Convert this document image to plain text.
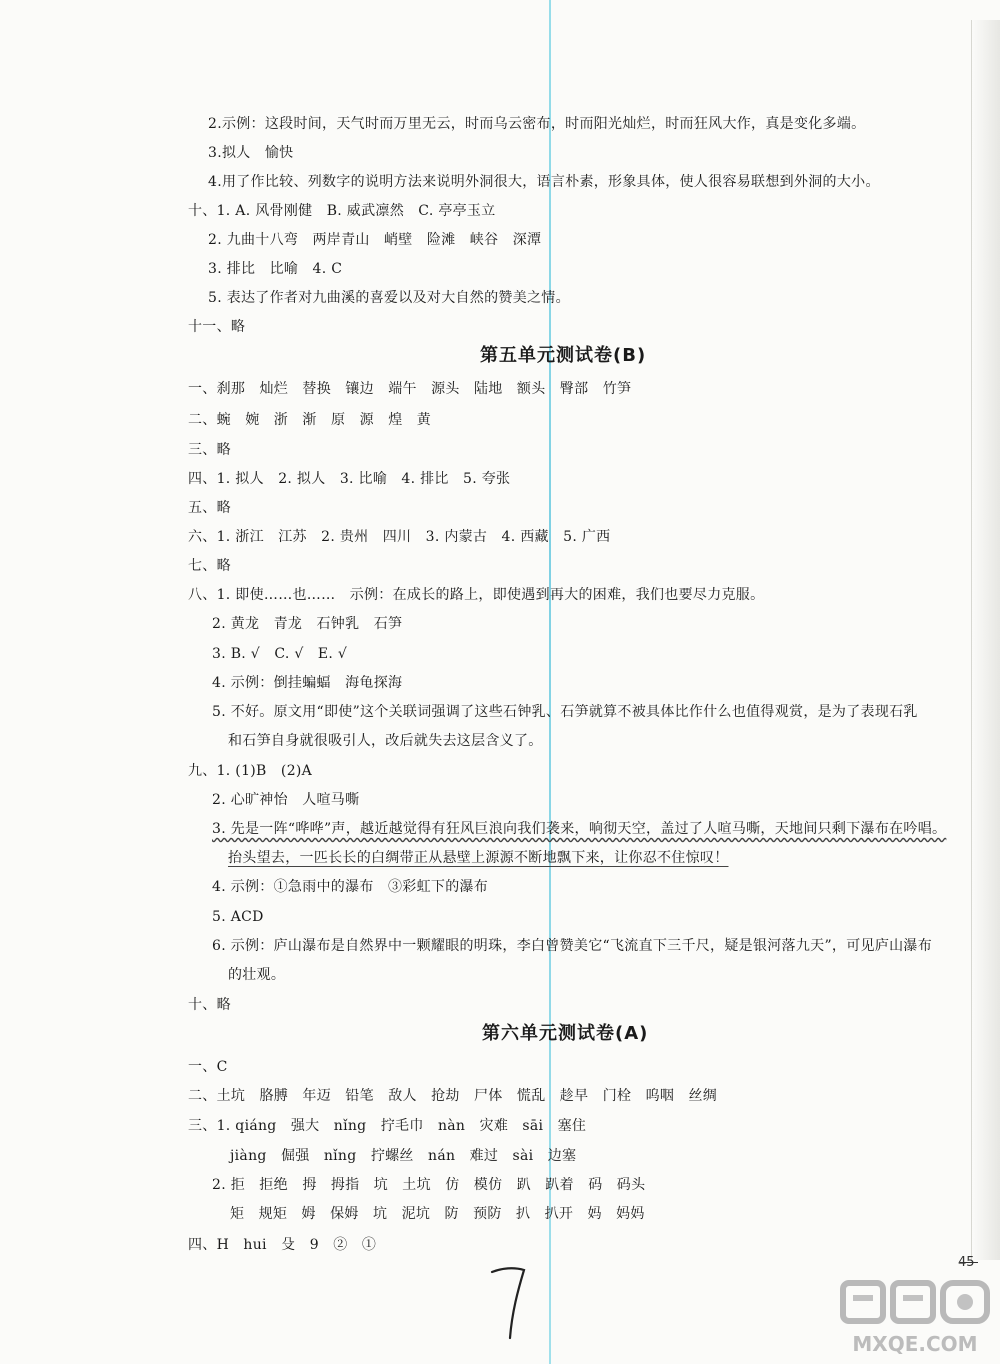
2.示例：这段时间，天气时而万里无云，时而乌云密布，时而阳光灿烂，时而狂风大作，真是变化多端。
3.拟人　愉快
4.用了作比较、列数字的说明方法来说明外洞很大，语言朴素，形象具体，使人很容易联想到外洞的大小。
十、1. A. 风骨刚健　B. 威武凛然　C. 亭亭玉立
2. 九曲十八弯　两岸青山　峭壁　险滩　峡谷　深潭
3. 排比　比喻　4. C
5. 表达了作者对九曲溪的喜爱以及对大自然的赞美之情。
十一、略
第五单元测试卷(B)
一、刹那　灿烂　替换　镶边　端午　源头　陆地　额头　臀部　竹笋
二、蜿　婉　浙　渐　原　源　煌　黄
三、略
四、1. 拟人　2. 拟人　3. 比喻　4. 排比　5. 夸张
五、略
六、1. 浙江　江苏　2. 贵州　四川　3. 内蒙古　4. 西藏　5. 广西
七、略
八、1. 即使……也……　示例：在成长的路上，即使遇到再大的困难，我们也要尽力克服。
2. 黄龙　青龙　石钟乳　石笋
3. B. √　C. √　E. √
4. 示例：倒挂蝙蝠　海龟探海
5. 不好。原文用“即使”这个关联词强调了这些石钟乳、石笋就算不被具体比作什么也值得观赏，是为了表现石乳
和石笋自身就很吸引人，改后就失去这层含义了。
九、1. (1)B　(2)A
2. 心旷神怡　人喧马嘶
3. 先是一阵“哗哗”声，越近越觉得有狂风巨浪向我们袭来，响彻天空，盖过了人喧马嘶，天地间只剩下瀑布在吟唱。
抬头望去，一匹长长的白绸带正从悬壁上源源不断地飘下来，让你忍不住惊叹！
4. 示例：①急雨中的瀑布　③彩虹下的瀑布
5. ACD
6. 示例：庐山瀑布是自然界中一颗耀眼的明珠，李白曾赞美它“飞流直下三千尺，疑是银河落九天”，可见庐山瀑布
的壮观。
十、略
第六单元测试卷(A)
一、C
二、土坑　胳膊　年迈　铅笔　敌人　抢劫　尸体　慌乱　趁早　门栓　呜咽　丝绸
三、1. qiáng　强大　nǐng　拧毛巾　nàn　灾难　sāi　塞住
jiàng　倔强　nǐng　拧螺丝　nán　难过　sài　边塞
2. 拒　拒绝　拇　拇指　坑　土坑　仿　模仿　趴　趴着　码　码头
矩　规矩　姆　保姆　坑　泥坑　防　预防　扒　扒开　妈　妈妈
四、H　hui　殳　9　②　①
45
MXQE.COM
